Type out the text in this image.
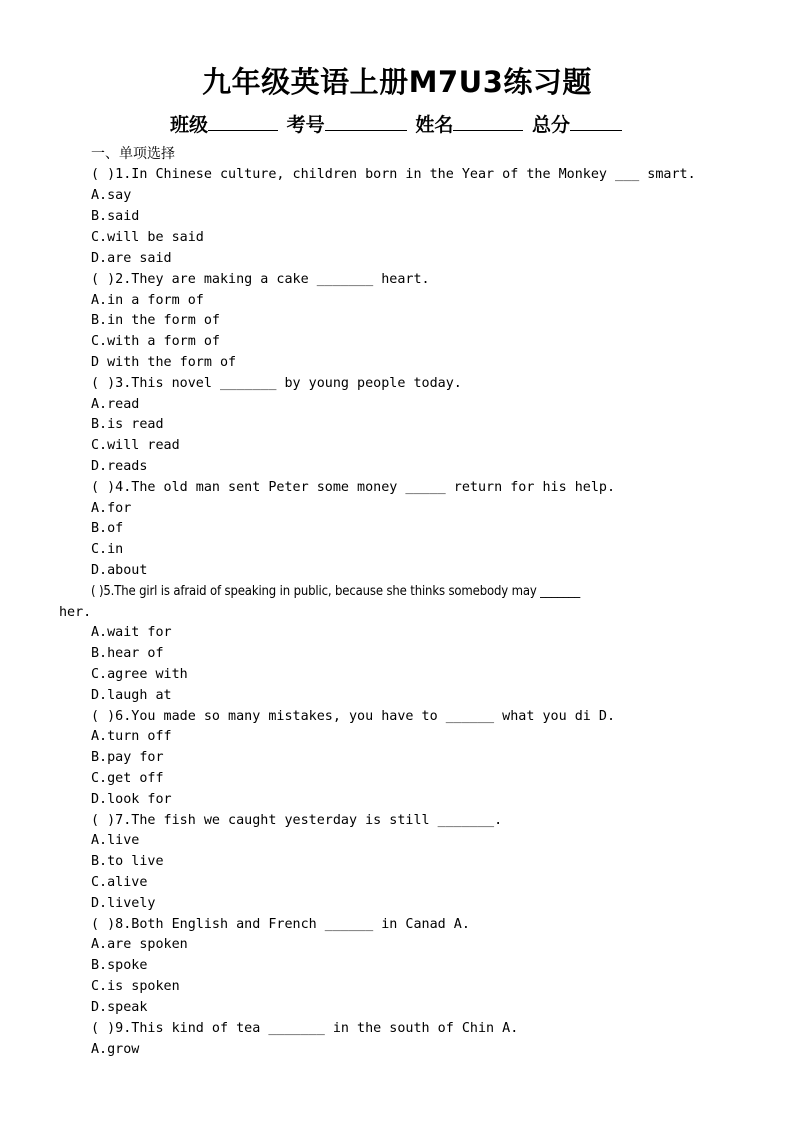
九年级英语上册M7U3练习题
班级	考号	姓名	总分
一、单项选择
( )1.In Chinese culture, children born in the Year of the Monkey ___ smart.
A.say
B.said
C.will be said
D.are said
( )2.They are making a cake _______ heart.
A.in a form of
B.in the form of
C.with a form of
D with the form of
( )3.This novel _______ by young people today.
A.read
B.is read
C.will read
D.reads
( )4.The old man sent Peter some money _____ return for his help.
A.for
B.of
C.in
D.about
( )5.The girl is afraid of speaking in public, because she thinks somebody may _______
her.
A.wait for
B.hear of
C.agree with
D.laugh at
( )6.You made so many mistakes, you have to ______ what you di D.
A.turn off
B.pay for
C.get off
D.look for
( )7.The fish we caught yesterday is still _______.
A.live
B.to live
C.alive
D.lively
( )8.Both English and French ______ in Canad A.
A.are spoken
B.spoke
C.is spoken
D.speak
( )9.This kind of tea _______ in the south of Chin A.
A.grow
